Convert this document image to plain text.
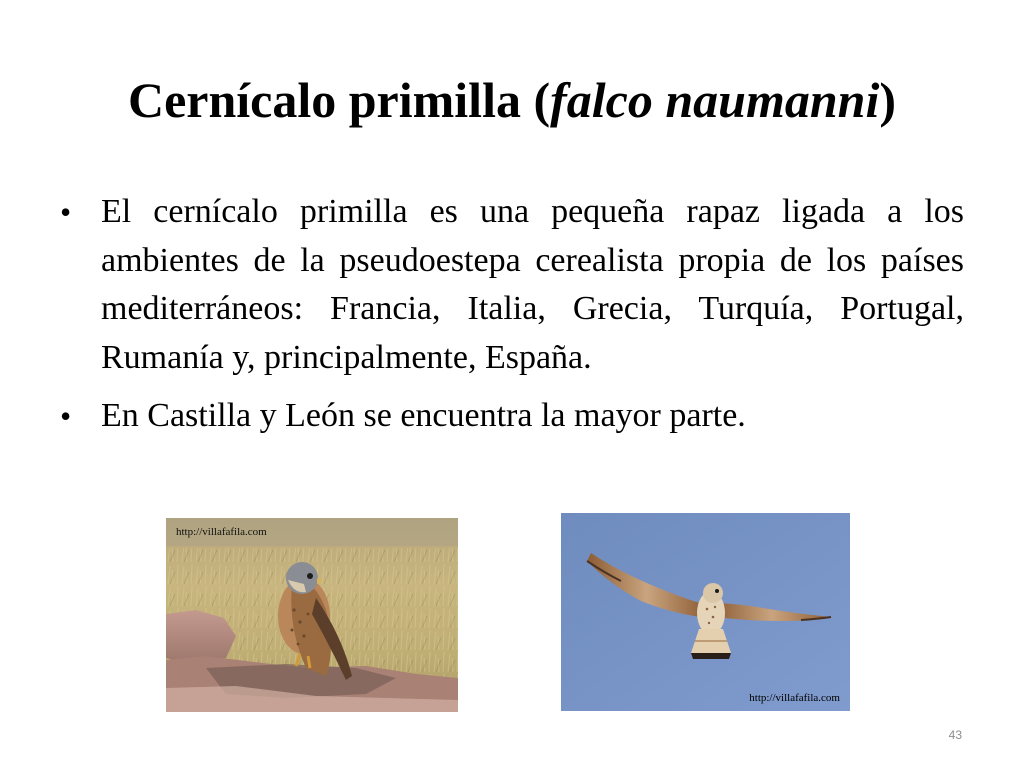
Cernícalo primilla (falco naumanni)
• El cernícalo primilla es una pequeña rapaz ligada a los ambientes de la pseudoestepa cerealista propia de los países mediterráneos: Francia, Italia, Grecia, Turquía, Portugal, Rumanía y, principalmente, España.
• En Castilla y León se encuentra la mayor parte.
http://villafafila.com
http://villafafila.com
43
